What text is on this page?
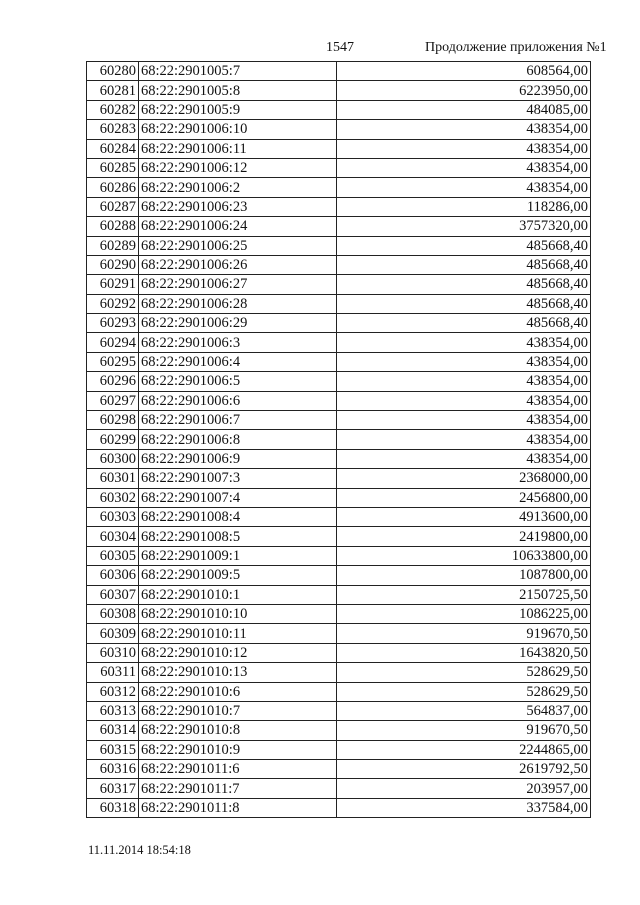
1547	Продолжение приложения №1
60280	68:22:2901005:7	608564,00
60281	68:22:2901005:8	6223950,00
60282	68:22:2901005:9	484085,00
60283	68:22:2901006:10	438354,00
60284	68:22:2901006:11	438354,00
60285	68:22:2901006:12	438354,00
60286	68:22:2901006:2	438354,00
60287	68:22:2901006:23	118286,00
60288	68:22:2901006:24	3757320,00
60289	68:22:2901006:25	485668,40
60290	68:22:2901006:26	485668,40
60291	68:22:2901006:27	485668,40
60292	68:22:2901006:28	485668,40
60293	68:22:2901006:29	485668,40
60294	68:22:2901006:3	438354,00
60295	68:22:2901006:4	438354,00
60296	68:22:2901006:5	438354,00
60297	68:22:2901006:6	438354,00
60298	68:22:2901006:7	438354,00
60299	68:22:2901006:8	438354,00
60300	68:22:2901006:9	438354,00
60301	68:22:2901007:3	2368000,00
60302	68:22:2901007:4	2456800,00
60303	68:22:2901008:4	4913600,00
60304	68:22:2901008:5	2419800,00
60305	68:22:2901009:1	10633800,00
60306	68:22:2901009:5	1087800,00
60307	68:22:2901010:1	2150725,50
60308	68:22:2901010:10	1086225,00
60309	68:22:2901010:11	919670,50
60310	68:22:2901010:12	1643820,50
60311	68:22:2901010:13	528629,50
60312	68:22:2901010:6	528629,50
60313	68:22:2901010:7	564837,00
60314	68:22:2901010:8	919670,50
60315	68:22:2901010:9	2244865,00
60316	68:22:2901011:6	2619792,50
60317	68:22:2901011:7	203957,00
60318	68:22:2901011:8	337584,00
11.11.2014 18:54:18
